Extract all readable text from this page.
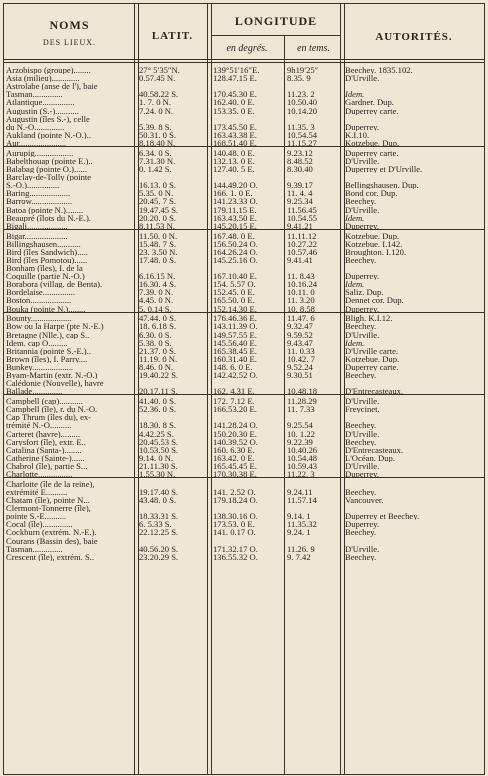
NOMS
DES LIEUX.
LATIT.
LONGITUDE
en degrés.	en tems.
AUTORITÉS.
Arzobispo (groupe)........	27° 5′35″N.	139°51′16″E.	9h19′25″	Beechey. 1835.102.
Asia (milieu).............	0.57.45 N.	128.47.15 E.	8.35. 9	D'Urville.
Astrolabe (anse de l'), baie
Tasman..............	40.58.22 S.	170.45.30 E.	11.23. 2	Idem.
Atlantique...............	1. 7. 0 N.	162.40. 0 E.	10.50.40	Gardner. Dup.
Augustin (S.-)...........	7.24. 0 N.	153.35. 0 E.	10.14.20	Duperrey carte.
Augustin (îles S.-), celle
du N.-O..............	5.39. 8 S.	173.45.50 E.	11.35. 3	Duperrey.
Aukland (pointe N.-O.)..	50.31. 0 S.	163.43.38 E.	10.54.54	K.I.10.
Aur......................	8.18.40 N.	168.51.40 E.	11.15.27	Kotzebue. Dup.
Aurupig..................	6.34. 0 S.	140.48. 0 E.	9.23.12	Duperrey carte.
Babelthouap (pointe E.)..	7.31.30 N.	132.13. 0 E.	8.48.52	D'Urville.
Balabag (pointe O.)......	0. 1.42 S.	127.40. 5 E.	8.30.40	Duperrey et D'Urville.
Barclay-de-Tolly (pointe
S.-O.)...............	16.13. 0 S.	144.49.20 O.	9.39.17	Bellingshausen. Dup.
Baring...................	5.35. 0 N.	166. 1. 0 E.	11. 4. 4	Bond cor. Dup.
Barrow...................	20.45. 7 S.	141.23.33 O.	9.25.34	Beechey.
Batoa (pointe N.)........	19.47.45 S.	179.11.15 E.	11.56.45	D'Urville.
Beaupré (îlots du N.-E.).	20.20. 0 S.	163.43.50 E.	10.54.55	Idem.
Bigali...................	8.11.53 N.	145.20.15 E.	9.41.21	Duperrey.
Bigar....................	11.50. 0 N.	167.48. 0 E.	11.11.12	Kotzebue. Dup.
Billingshausen...........	15.48. 7 S.	156.50.24 O.	10.27.22	Kotzebue. I.142.
Bird (îles Sandwich).....	23. 3.50 N.	164.26.24 O.	10.57.46	Broughton. I.120.
Bird (îles Pomotou)......	17.48. 0 S.	145.25.16 O.	9.41.41	Beechey.
Bonham (îles), I. de la
Coquille (partie N.-O.)	6.16.15 N.	167.10.40 E.	11. 8.43	Duperrey.
Borabora (villag. de Benta).	16.30. 4 S.	154. 5.57 O.	10.16.24	Idem.
Bordelaise...............	7.39. 0 N.	152.45. 0 E.	10.11. 0	Saliz. Dup.
Boston...................	4.45. 0 N.	165.50. 0 E.	11. 3.20	Dennet cor. Dup.
Bouka (pointe N.)........	5. 0.14 S.	152.14.30 E.	10. 8.58	Duperrey.
Bounty...................	47.44. 0 S.	176.46.36 E.	11.47. 6	Bligh. K.I.12.
Bow ou la Harpe (pte N.-E.)	18. 6.18 S.	143.11.39 O.	9.32.47	Beechey.
Bretagne (Nlle.), cap S..	6.30. 0 S.	149.57.55 E.	9.59.52	D'Urville.
Idem. cap O.........	5.38. 0 S.	145.56.40 E.	9.43.47	Idem.
Britannia (pointe S.-E.)..	21.37. 0 S.	165.38.45 E.	11. 0.33	D'Urville carte.
Brown (îles), I. Parry....	11.19. 0 N.	160.31.40 E.	10.42. 7	Kotzebue. Dup.
Bunkey...................	8.46. 0 N.	148. 6. 0 E.	9.52.24	Duperrey carte.
Byam-Martin (extr. N.-O.)	19.40.22 S.	142.42.52 O.	9.30.51	Beechey.
Calédonie (Nouvelle), havre
Ballade..............	20.17.11 S.	162. 4.31 E.	10.48.18	D'Entrecasteaux.
Campbell (cap)...........	41.40. 0 S.	172. 7.12 E.	11.28.29	D'Urville.
Campbell (île), r. du N.-O.	52.36. 0 S.	166.53.20 E.	11. 7.33	Freycinet.
Cap Thrum (îles du), ex-
trémité N.-O..........	18.30. 8 S.	141.28.24 O.	9.25.54	Beechey.
Carteret (havre).........	4.42.25 S.	150.20.30 E.	10. 1.22	D'Urville.
Carysfort (île), extr. E..	20.45.53 S.	140.39.52 O.	9.22.39	Beechey.
Catalina (Santa-)........	10.53.50 S.	160. 6.30 E.	10.40.26	D'Entrecasteaux.
Catherine (Sainte-)......	9.14. 0 N.	163.42. 0 E.	10.54.48	L'Océan. Dup.
Chabrol (île), partie S...	21.11.30 S.	165.45.45 E.	10.59.43	D'Urville.
Charlotte................	1.55.30 N.	170.30.38 E.	11.22. 3	Duperrey.
Charlotte (île de la reine),
extrémité E..........	19.17.40 S.	141. 2.52 O.	9.24.11	Beechey.
Chatam (île), pointe N...	43.48. 0 S.	179.18.24 O.	11.57.14	Vancouver.
Clermont-Tonnerre (île),
pointe S.-E..........	18.33.31 S.	138.30.16 O.	9.14. 1	Duperrey et Beechey.
Cocal (île)..............	6. 5.33 S.	173.53. 0 E.	11.35.32	Duperrey.
Cockburn (extrém. N.-E.).	22.12.25 S.	141. 0.17 O.	9.24. 1	Beechey.
Courans (Bassin des), baie
Tasman..............	40.56.20 S.	171.32.17 O.	11.26. 9	D'Urville.
Crescent (île), extrém. S..	23.20.29 S.	136.55.32 O.	9. 7.42	Beechey.
